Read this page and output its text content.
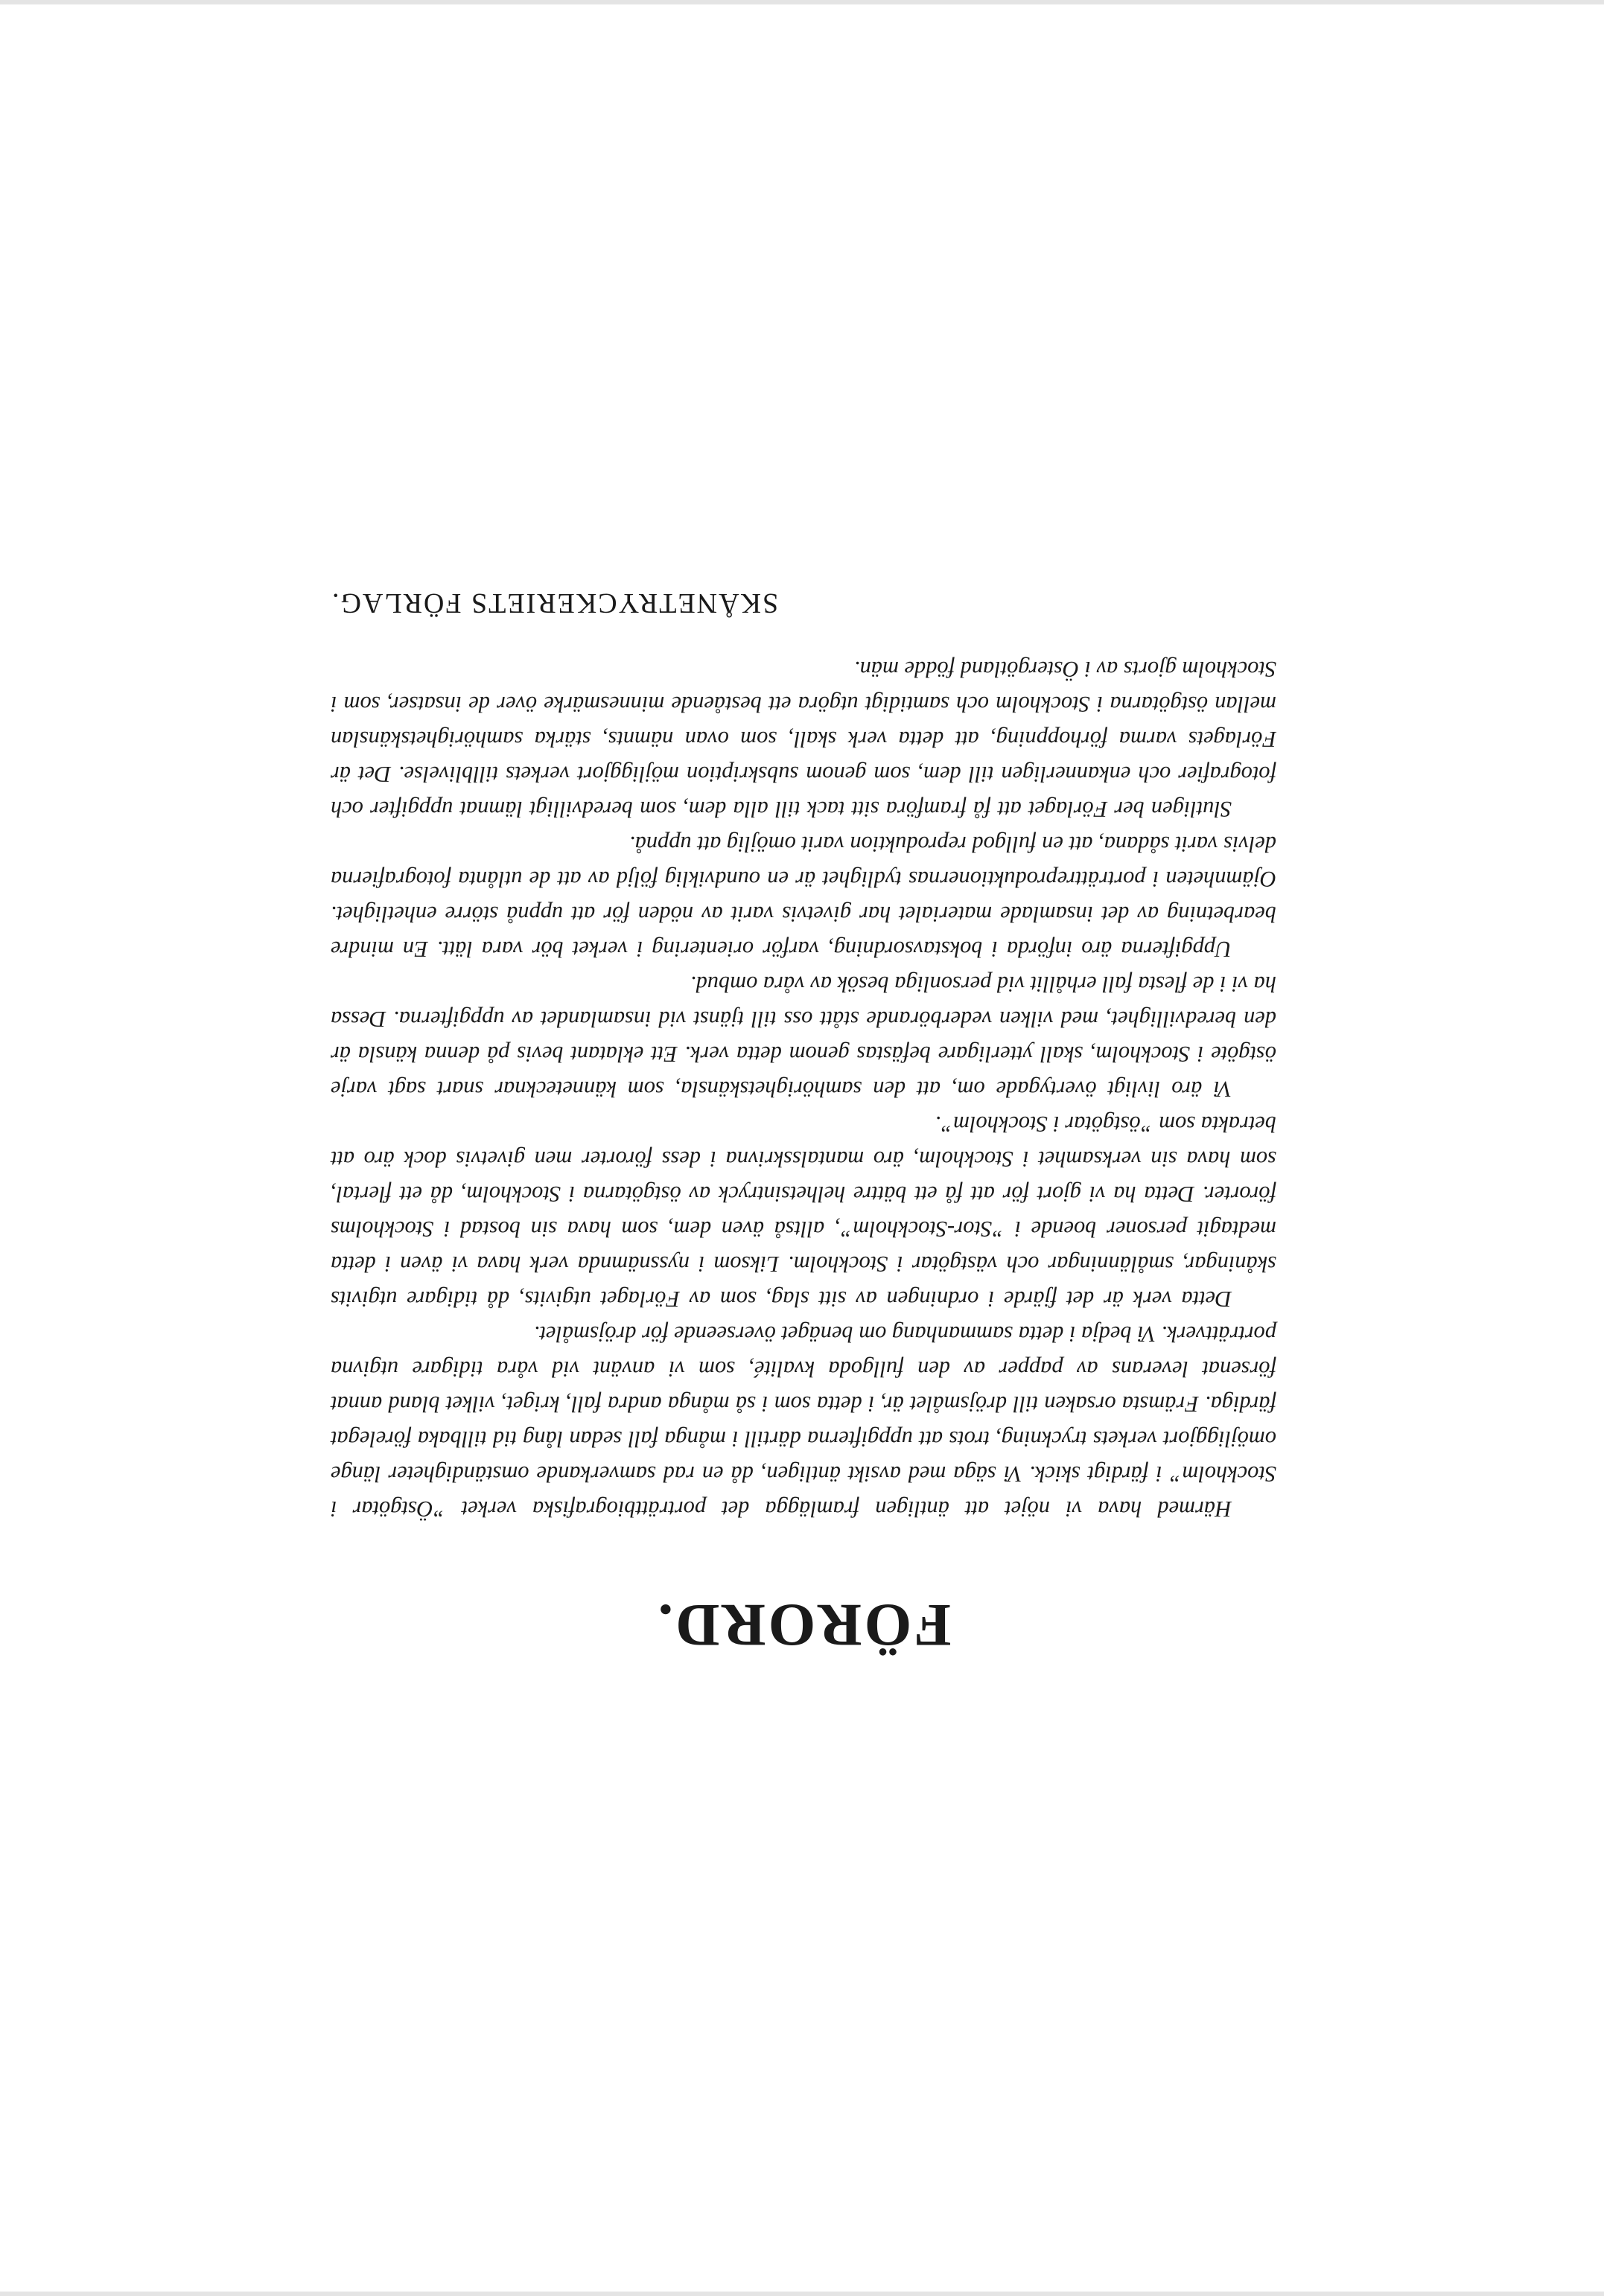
FÖRORD.

Härmed hava vi nöjet att äntligen framlägga det porträttbiografiska verket ”Östgötar i Stockholm” i färdigt skick. Vi säga med avsikt äntligen, då en rad samverkande omständigheter länge omöjliggjort verkets tryckning, trots att uppgifterna därtill i många fall sedan lång tid tillbaka förelegat färdiga. Främsta orsaken till dröjsmålet är, i detta som i så många andra fall, kriget, vilket bland annat försenat leverans av papper av den fullgoda kvalité, som vi använt vid våra tidigare utgivna porträttverk. Vi bedja i detta sammanhang om benäget överseende för dröjsmålet.

Detta verk är det fjärde i ordningen av sitt slag, som av Förlaget utgivits, då tidigare utgivits skåningar, smålänningar och västgötar i Stockholm. Liksom i nyssnämnda verk hava vi även i detta medtagit personer boende i ”Stor-Stockholm”, alltså även dem, som hava sin bostad i Stockholms förorter. Detta ha vi gjort för att få ett bättre helhetsintryck av östgötarna i Stockholm, då ett flertal, som hava sin verksamhet i Stockholm, äro mantalsskrivna i dess förorter men givetvis dock äro att betrakta som ”östgötar i Stockholm”.

Vi äro livligt övertygade om, att den samhörighetskänsla, som kännetecknar snart sagt varje östgöte i Stockholm, skall ytterligare befästas genom detta verk. Ett eklatant bevis på denna känsla är den beredvillighet, med vilken vederbörande stått oss till tjänst vid insamlandet av uppgifterna. Dessa ha vi i de flesta fall erhållit vid personliga besök av våra ombud.

Uppgifterna äro införda i bokstavsordning, varför orientering i verket bör vara lätt. En mindre bearbetning av det insamlade materialet har givetvis varit av nöden för att uppnå större enhetlighet. Ojämnheten i porträttreproduktionernas tydlighet är en oundviklig följd av att de utlånta fotografierna delvis varit sådana, att en fullgod reproduktion varit omöjlig att uppnå.

Slutligen ber Förlaget att få framföra sitt tack till alla dem, som beredvilligt lämnat uppgifter och fotografier och enkannerligen till dem, som genom subskription möjliggjort verkets tillblivelse. Det är Förlagets varma förhoppning, att detta verk skall, som ovan nämnts, stärka samhörighetskänslan mellan östgötarna i Stockholm och samtidigt utgöra ett bestående minnesmärke över de insatser, som i Stockholm gjorts av i Östergötland födde män.

SKÅNETRYCKERIETS FÖRLAG.
